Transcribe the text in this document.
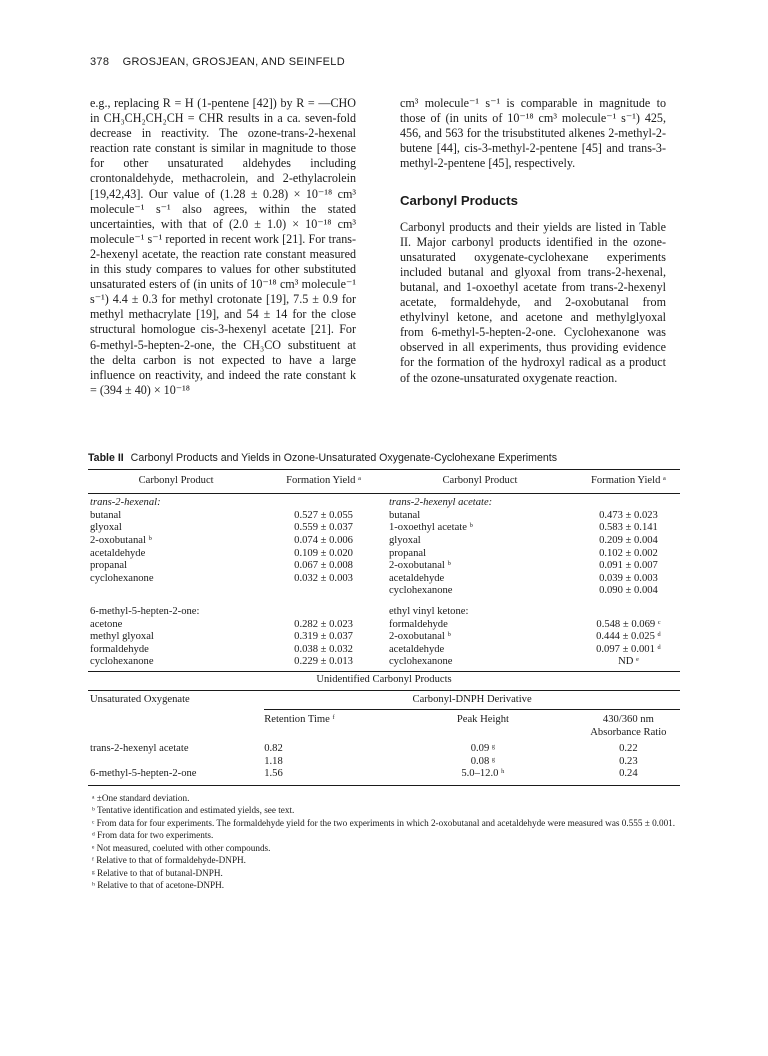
378 GROSJEAN, GROSJEAN, AND SEINFELD

e.g., replacing R = H (1-pentene [42]) by R = —CHO in CH₃CH₂CH₂CH = CHR results in a ca. seven-fold decrease in reactivity. The ozone-trans-2-hexenal reaction rate constant is similar in magnitude to those for other unsaturated aldehydes including crontonaldehyde, methacrolein, and 2-ethylacrolein [19,42,43]. Our value of (1.28 ± 0.28) × 10⁻¹⁸ cm³ molecule⁻¹ s⁻¹ also agrees, within the stated uncertainties, with that of (2.0 ± 1.0) × 10⁻¹⁸ cm³ molecule⁻¹ s⁻¹ reported in recent work [21]. For trans-2-hexenyl acetate, the reaction rate constant measured in this study compares to values for other substituted unsaturated esters of (in units of 10⁻¹⁸ cm³ molecule⁻¹ s⁻¹) 4.4 ± 0.3 for methyl crotonate [19], 7.5 ± 0.9 for methyl methacrylate [19], and 54 ± 14 for the close structural homologue cis-3-hexenyl acetate [21]. For 6-methyl-5-hepten-2-one, the CH₃CO substituent at the delta carbon is not expected to have a large influence on reactivity, and indeed the rate constant k = (394 ± 40) × 10⁻¹⁸

cm³ molecule⁻¹ s⁻¹ is comparable in magnitude to those of (in units of 10⁻¹⁸ cm³ molecule⁻¹ s⁻¹) 425, 456, and 563 for the trisubstituted alkenes 2-methyl-2-butene [44], cis-3-methyl-2-pentene [45] and trans-3-methyl-2-pentene [45], respectively.

Carbonyl Products

Carbonyl products and their yields are listed in Table II. Major carbonyl products identified in the ozone-unsaturated oxygenate-cyclohexane experiments included butanal and glyoxal from trans-2-hexenal, butanal, and 1-oxoethyl acetate from trans-2-hexenyl acetate, formaldehyde, and 2-oxobutanal from ethylvinyl ketone, and acetone and methylglyoxal from 6-methyl-5-hepten-2-one. Cyclohexanone was observed in all experiments, thus providing evidence for the formation of the hydroxyl radical as a product of the ozone-unsaturated oxygenate reaction.

Table II Carbonyl Products and Yields in Ozone-Unsaturated Oxygenate-Cyclohexane Experiments
Carbonyl Product	Formation Yield ᵃ	Carbonyl Product	Formation Yield ᵃ
trans-2-hexenal:		trans-2-hexenyl acetate:	
butanal	0.527 ± 0.055	butanal	0.473 ± 0.023
glyoxal	0.559 ± 0.037	1-oxoethyl acetate ᵇ	0.583 ± 0.141
2-oxobutanal ᵇ	0.074 ± 0.006	glyoxal	0.209 ± 0.004
acetaldehyde	0.109 ± 0.020	propanal	0.102 ± 0.002
propanal	0.067 ± 0.008	2-oxobutanal ᵇ	0.091 ± 0.007
cyclohexanone	0.032 ± 0.003	acetaldehyde	0.039 ± 0.003
		cyclohexanone	0.090 ± 0.004

6-methyl-5-hepten-2-one:		ethyl vinyl ketone:	
acetone	0.282 ± 0.023	formaldehyde	0.548 ± 0.069 ᶜ
methyl glyoxal	0.319 ± 0.037	2-oxobutanal ᵇ	0.444 ± 0.025 ᵈ
formaldehyde	0.038 ± 0.032	acetaldehyde	0.097 ± 0.001 ᵈ
cyclohexanone	0.229 ± 0.013	cyclohexanone	ND ᵉ

Unidentified Carbonyl Products			
Unsaturated Oxygenate	Carbonyl-DNPH Derivative		
	Retention Time ᶠ	Peak Height	430/360 nm
Absorbance Ratio

trans-2-hexenyl acetate	0.82	0.09 ᵍ	0.22
	1.18	0.08 ᵍ	0.23
6-methyl-5-hepten-2-one	1.56	5.0–12.0 ʰ	0.24
ᵃ ±One standard deviation.
ᵇ Tentative identification and estimated yields, see text.
ᶜ From data for four experiments. The formaldehyde yield for the two experiments in which 2-oxobutanal and acetaldehyde were measured was 0.555 ± 0.001.
ᵈ From data for two experiments.
ᵉ Not measured, coeluted with other compounds.
ᶠ Relative to that of formaldehyde-DNPH.
ᵍ Relative to that of butanal-DNPH.
ʰ Relative to that of acetone-DNPH.
